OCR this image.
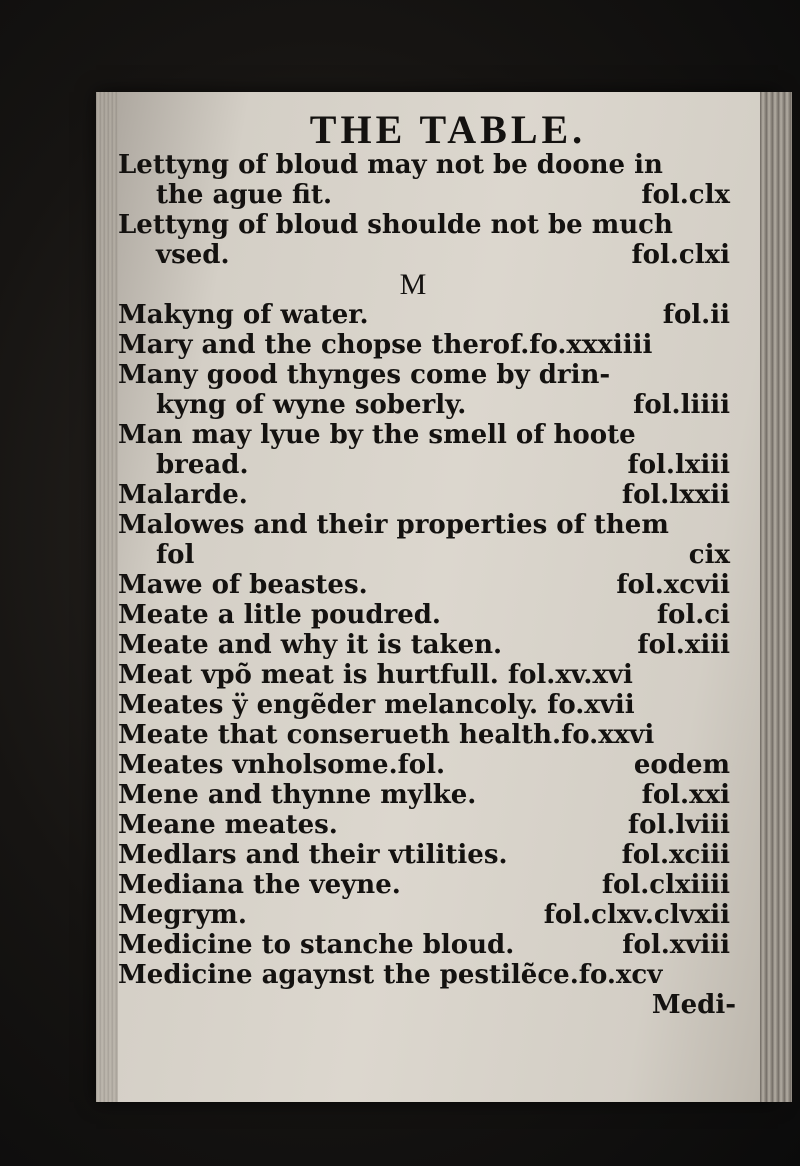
THE TABLE.
Lettyng of bloud may not be doone in
the ague fit.	fol.clx
Lettyng of bloud shoulde not be much
vsed.	fol.clxi
M
Makyng of water.	fol.ii
Mary and the chopse therof.fo.xxxiiii
Many good thynges come by drin-
kyng of wyne soberly.	fol.liiii
Man may lyue by the smell of hoote
bread.	fol.lxiii
Malarde.	fol.lxxii
Malowes and their properties of them
fol	cix
Mawe of beastes.	fol.xcvii
Meate a litle poudred.	fol.ci
Meate and why it is taken.	fol.xiii
Meat vpõ meat is hurtfull. fol.xv.xvi
Meates ÿ engẽder melancoly. fo.xvii
Meate that conserueth health.fo.xxvi
Meates vnholsome.fol.	eodem
Mene and thynne mylke.	fol.xxi
Meane meates.	fol.lviii
Medlars and their vtilities.	fol.xciii
Mediana the veyne.	fol.clxiiii
Megrym.	fol.clxv.clvxii
Medicine to stanche bloud.	fol.xviii
Medicine agaynst the pestilẽce.fo.xcv
Medi-
